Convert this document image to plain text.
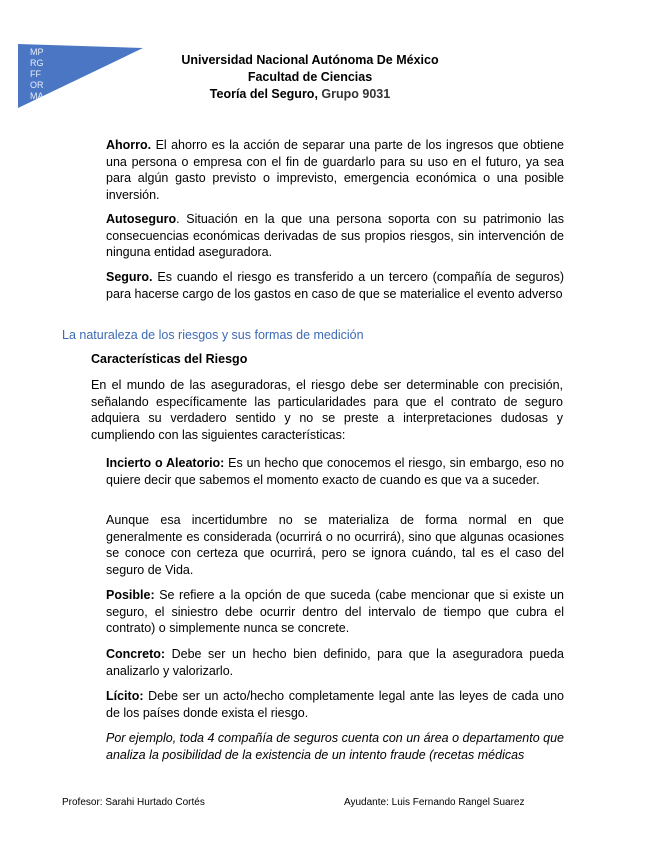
MP
RG
FF
OR
MA
Universidad Nacional Autónoma De México
Facultad de Ciencias
Teoría del Seguro, Grupo 9031

Ahorro. El ahorro es la acción de separar una parte de los ingresos que obtiene una persona o empresa con el fin de guardarlo para su uso en el futuro, ya sea para algún gasto previsto o imprevisto, emergencia económica o una posible inversión.

Autoseguro. Situación en la que una persona soporta con su patrimonio las consecuencias económicas derivadas de sus propios riesgos, sin intervención de ninguna entidad aseguradora.

Seguro. Es cuando el riesgo es transferido a un tercero (compañía de seguros) para hacerse cargo de los gastos en caso de que se materialice el evento adverso

La naturaleza de los riesgos y sus formas de medición
Características del Riesgo

En el mundo de las aseguradoras, el riesgo debe ser determinable con precisión, señalando específicamente las particularidades para que el contrato de seguro adquiera su verdadero sentido y no se preste a interpretaciones dudosas y cumpliendo con las siguientes características:

Incierto o Aleatorio: Es un hecho que conocemos el riesgo, sin embargo, eso no quiere decir que sabemos el momento exacto de cuando es que va a suceder.

Aunque esa incertidumbre no se materializa de forma normal en que generalmente es considerada (ocurrirá o no ocurrirá), sino que algunas ocasiones se conoce con certeza que ocurrirá, pero se ignora cuándo, tal es el caso del seguro de Vida.

Posible: Se refiere a la opción de que suceda (cabe mencionar que si existe un seguro, el siniestro debe ocurrir dentro del intervalo de tiempo que cubra el contrato) o simplemente nunca se concrete.

Concreto: Debe ser un hecho bien definido, para que la aseguradora pueda analizarlo y valorizarlo.

Lícito: Debe ser un acto/hecho completamente legal ante las leyes de cada uno de los países donde exista el riesgo.

Por ejemplo, toda 4 compañía de seguros cuenta con un área o departamento que analiza la posibilidad de la existencia de un intento fraude (recetas médicas

Profesor: Sarahi Hurtado Cortés	Ayudante: Luis Fernando Rangel Suarez
